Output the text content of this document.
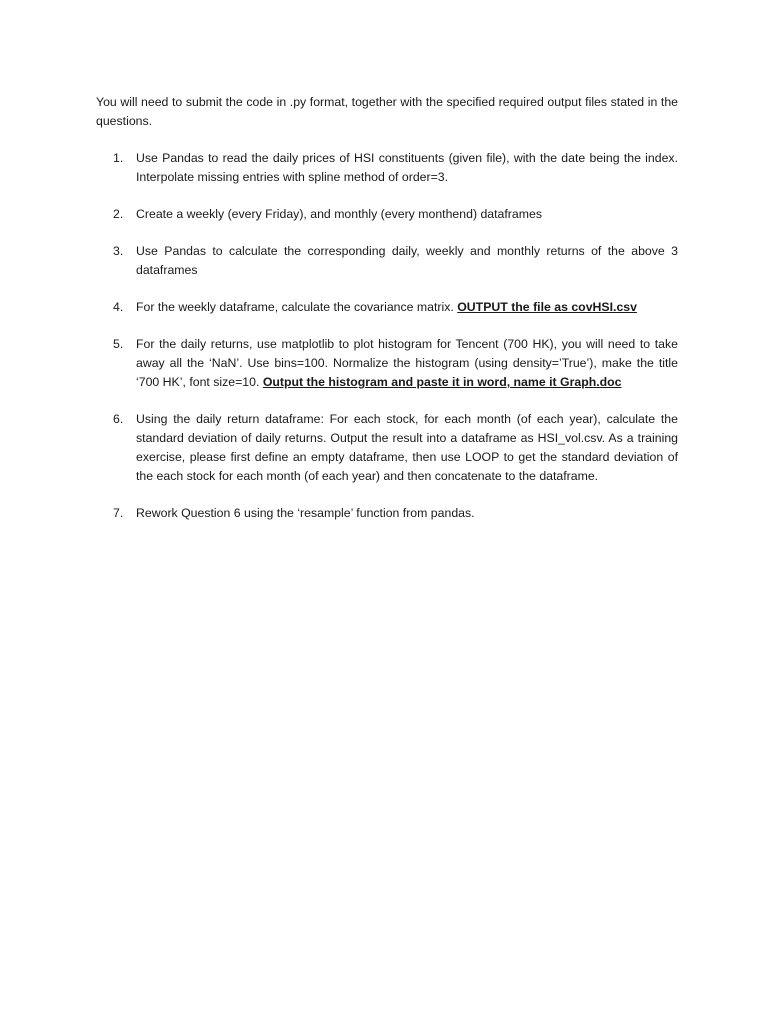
You will need to submit the code in .py format, together with the specified required output files stated in the questions.

1. Use Pandas to read the daily prices of HSI constituents (given file), with the date being the index. Interpolate missing entries with spline method of order=3.
2. Create a weekly (every Friday), and monthly (every monthend) dataframes
3. Use Pandas to calculate the corresponding daily, weekly and monthly returns of the above 3 dataframes
4. For the weekly dataframe, calculate the covariance matrix. OUTPUT the file as covHSI.csv
5. For the daily returns, use matplotlib to plot histogram for Tencent (700 HK), you will need to take away all the ‘NaN’. Use bins=100. Normalize the histogram (using density=’True’), make the title ‘700 HK’, font size=10. Output the histogram and paste it in word, name it Graph.doc
6. Using the daily return dataframe: For each stock, for each month (of each year), calculate the standard deviation of daily returns. Output the result into a dataframe as HSI_vol.csv. As a training exercise, please first define an empty dataframe, then use LOOP to get the standard deviation of the each stock for each month (of each year) and then concatenate to the dataframe.
7. Rework Question 6 using the ‘resample’ function from pandas.
